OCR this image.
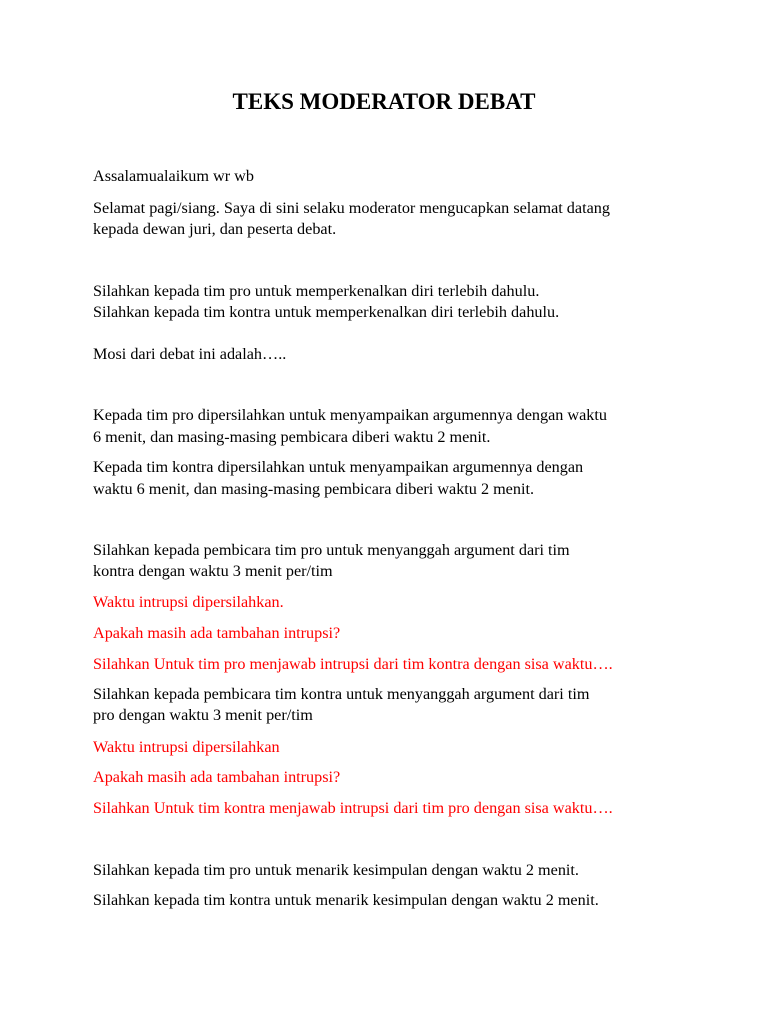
TEKS MODERATOR DEBAT
Assalamualaikum wr wb
Selamat pagi/siang. Saya di sini selaku moderator mengucapkan selamat datang
kepada dewan juri, dan peserta debat.
Silahkan kepada tim pro untuk memperkenalkan diri terlebih dahulu.
Silahkan kepada tim kontra untuk memperkenalkan diri terlebih dahulu.
Mosi dari debat ini adalah…..
Kepada tim pro dipersilahkan untuk menyampaikan argumennya dengan waktu
6 menit, dan masing-masing pembicara diberi waktu 2 menit.
Kepada tim kontra dipersilahkan untuk menyampaikan argumennya dengan
waktu 6 menit, dan masing-masing pembicara diberi waktu 2 menit.
Silahkan kepada pembicara tim pro untuk menyanggah argument dari tim
kontra dengan waktu 3 menit per/tim
Waktu intrupsi dipersilahkan.
Apakah masih ada tambahan intrupsi?
Silahkan Untuk tim pro menjawab intrupsi dari tim kontra dengan sisa waktu….
Silahkan kepada pembicara tim kontra untuk menyanggah argument dari tim
pro dengan waktu 3 menit per/tim
Waktu intrupsi dipersilahkan
Apakah masih ada tambahan intrupsi?
Silahkan Untuk tim kontra menjawab intrupsi dari tim pro dengan sisa waktu….
Silahkan kepada tim pro untuk menarik kesimpulan dengan waktu 2 menit.
Silahkan kepada tim kontra untuk menarik kesimpulan dengan waktu 2 menit.
